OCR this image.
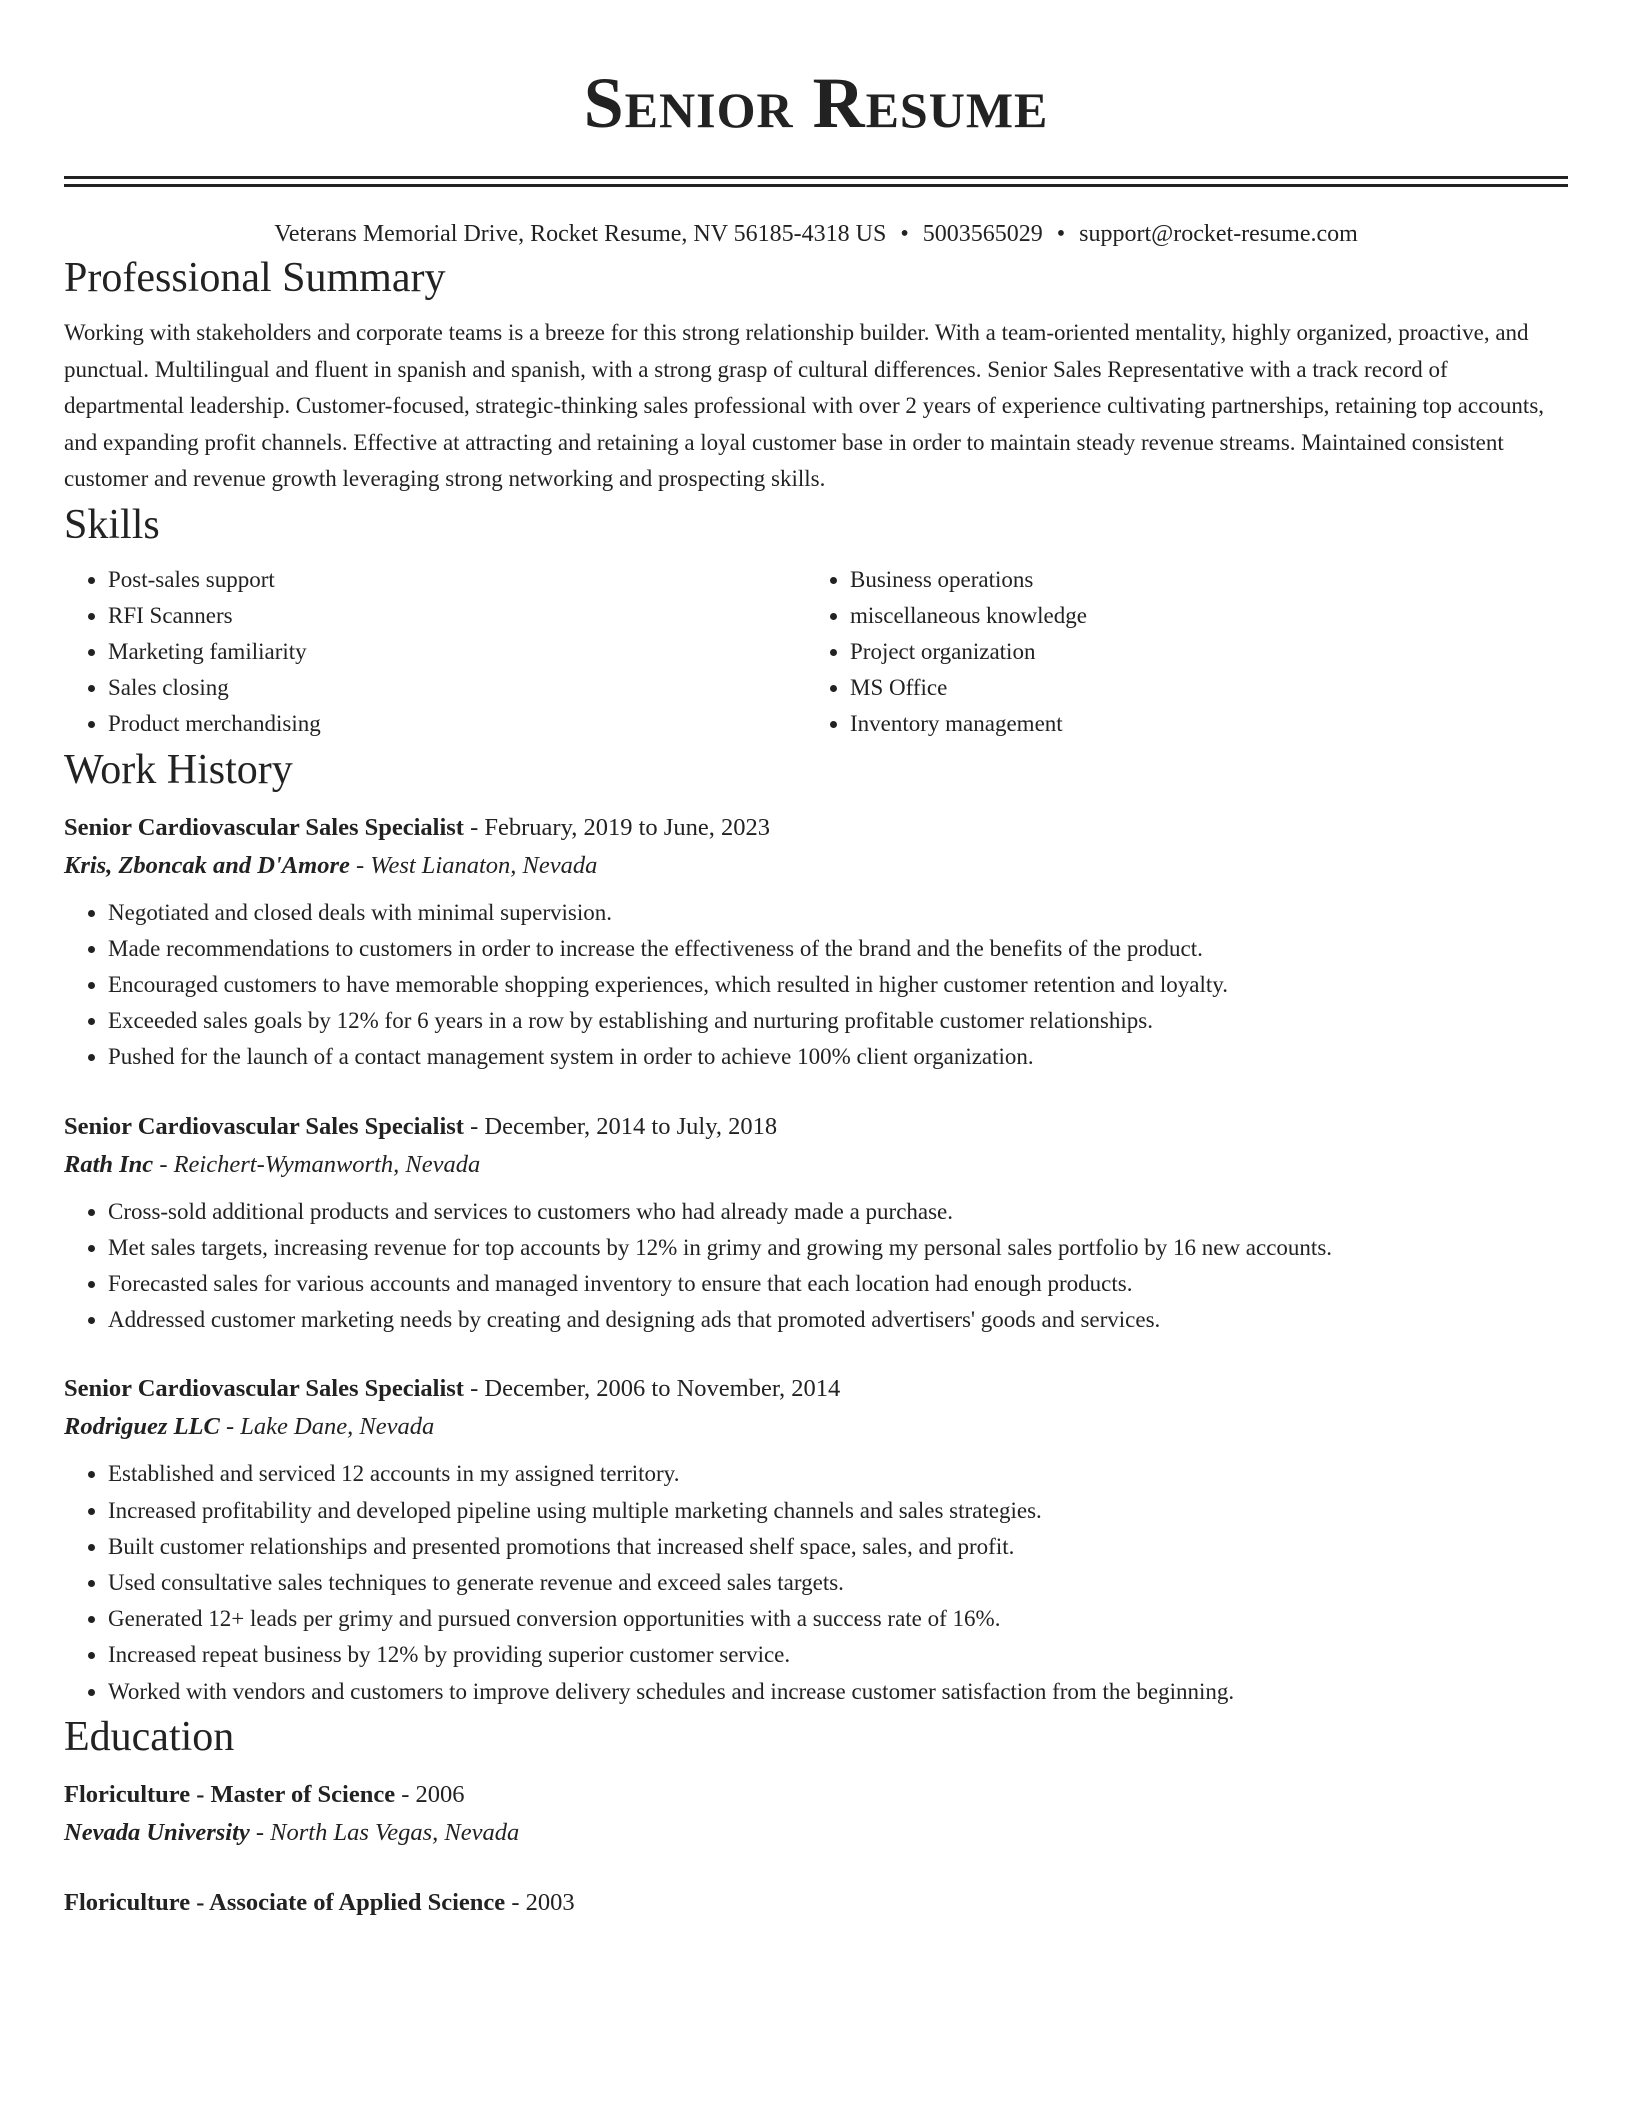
Senior Resume
Veterans Memorial Drive, Rocket Resume, NV 56185-4318 US • 5003565029 • support@rocket-resume.com
Professional Summary
Working with stakeholders and corporate teams is a breeze for this strong relationship builder. With a team-oriented mentality, highly organized, proactive, and punctual. Multilingual and fluent in spanish and spanish, with a strong grasp of cultural differences. Senior Sales Representative with a track record of departmental leadership. Customer-focused, strategic-thinking sales professional with over 2 years of experience cultivating partnerships, retaining top accounts, and expanding profit channels. Effective at attracting and retaining a loyal customer base in order to maintain steady revenue streams. Maintained consistent customer and revenue growth leveraging strong networking and prospecting skills.
Skills
• Post-sales support
• RFI Scanners
• Marketing familiarity
• Sales closing
• Product merchandising
• Business operations
• miscellaneous knowledge
• Project organization
• MS Office
• Inventory management
Work History
Senior Cardiovascular Sales Specialist - February, 2019 to June, 2023
Kris, Zboncak and D'Amore - West Lianaton, Nevada
• Negotiated and closed deals with minimal supervision.
• Made recommendations to customers in order to increase the effectiveness of the brand and the benefits of the product.
• Encouraged customers to have memorable shopping experiences, which resulted in higher customer retention and loyalty.
• Exceeded sales goals by 12% for 6 years in a row by establishing and nurturing profitable customer relationships.
• Pushed for the launch of a contact management system in order to achieve 100% client organization.
Senior Cardiovascular Sales Specialist - December, 2014 to July, 2018
Rath Inc - Reichert-Wymanworth, Nevada
• Cross-sold additional products and services to customers who had already made a purchase.
• Met sales targets, increasing revenue for top accounts by 12% in grimy and growing my personal sales portfolio by 16 new accounts.
• Forecasted sales for various accounts and managed inventory to ensure that each location had enough products.
• Addressed customer marketing needs by creating and designing ads that promoted advertisers' goods and services.
Senior Cardiovascular Sales Specialist - December, 2006 to November, 2014
Rodriguez LLC - Lake Dane, Nevada
• Established and serviced 12 accounts in my assigned territory.
• Increased profitability and developed pipeline using multiple marketing channels and sales strategies.
• Built customer relationships and presented promotions that increased shelf space, sales, and profit.
• Used consultative sales techniques to generate revenue and exceed sales targets.
• Generated 12+ leads per grimy and pursued conversion opportunities with a success rate of 16%.
• Increased repeat business by 12% by providing superior customer service.
• Worked with vendors and customers to improve delivery schedules and increase customer satisfaction from the beginning.
Education
Floriculture - Master of Science - 2006
Nevada University - North Las Vegas, Nevada
Floriculture - Associate of Applied Science - 2003
